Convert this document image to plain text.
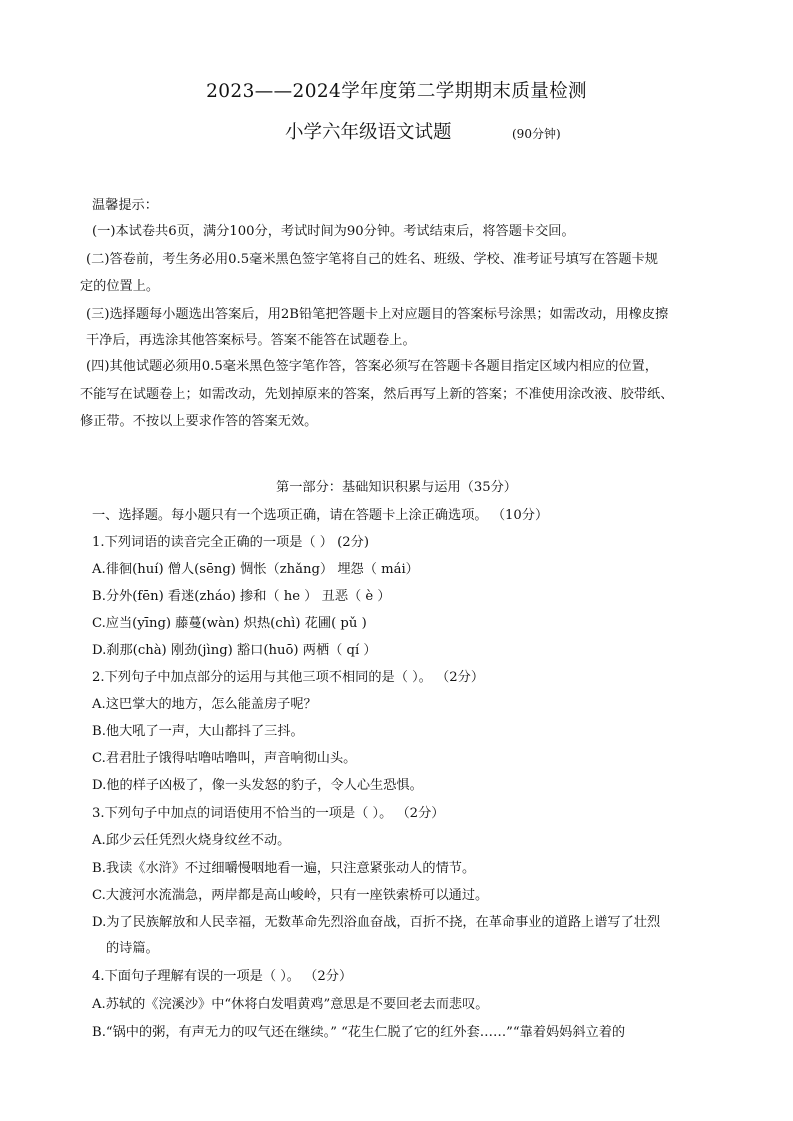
2023——2024学年度第二学期期末质量检测
小学六年级语文试题	(90分钟)
温馨提示：
(一)本试卷共6页，满分100分，考试时间为90分钟。考试结束后，将答题卡交回。
(二)答卷前，考生务必用0.5毫米黑色签字笔将自己的姓名、班级、学校、准考证号填写在答题卡规
定的位置上。
(三)选择题每小题选出答案后，用2B铅笔把答题卡上对应题目的答案标号涂黑；如需改动，用橡皮擦
干净后，再选涂其他答案标号。答案不能答在试题卷上。
(四)其他试题必须用0.5毫米黑色签字笔作答，答案必须写在答题卡各题目指定区域内相应的位置，
不能写在试题卷上；如需改动，先划掉原来的答案，然后再写上新的答案；不准使用涂改液、胶带纸、
修正带。不按以上要求作答的答案无效。
第一部分：基础知识积累与运用（35分）
一、选择题。每小题只有一个选项正确，请在答题卡上涂正确选项。 （10分）
1.下列词语的读音完全正确的一项是（ ） (2分)
A.徘徊(huí) 僧人(sēng) 惆怅（zhǎng） 埋怨（ mái）
B.分外(fēn) 看迷(zháo) 掺和（ he ） 丑恶（ è ）
C.应当(yīng) 藤蔓(wàn) 炽热(chì) 花圃( pǔ )
D.刹那(chà) 刚劲(jìng) 豁口(huō) 两栖（ qí ）
2.下列句子中加点部分的运用与其他三项不相同的是（ ）。 （2分）
A.这巴掌大的地方，怎么能盖房子呢？
B.他大吼了一声，大山都抖了三抖。
C.君君肚子饿得咕噜咕噜叫，声音响彻山头。
D.他的样子凶极了，像一头发怒的豹子，令人心生恐惧。
3.下列句子中加点的词语使用不恰当的一项是（ ）。 （2分）
A.邱少云任凭烈火烧身纹丝不动。
B.我读《水浒》不过细嚼慢咽地看一遍，只注意紧张动人的情节。
C.大渡河水流湍急，两岸都是高山峻岭，只有一座铁索桥可以通过。
D.为了民族解放和人民幸福，无数革命先烈浴血奋战，百折不挠，在革命事业的道路上谱写了壮烈
的诗篇。
4.下面句子理解有误的一项是（ ）。 （2分）
A.苏轼的《浣溪沙》中“休将白发唱黄鸡”意思是不要回老去而悲叹。
B.“锅中的粥，有声无力的叹气还在继续。” “花生仁脱了它的红外套……”“靠着妈妈斜立着的
